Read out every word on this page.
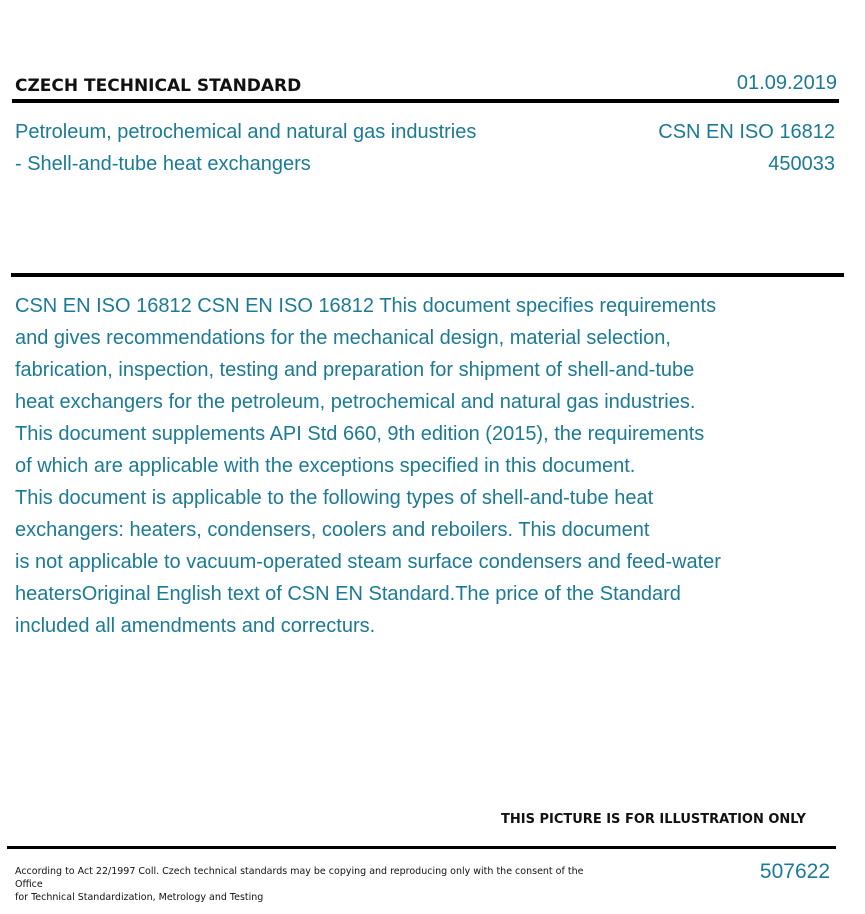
CZECH TECHNICAL STANDARD	01.09.2019
Petroleum, petrochemical and natural gas industries
- Shell-and-tube heat exchangers
CSN EN ISO 16812
450033
CSN EN ISO 16812 CSN EN ISO 16812 This document specifies requirements
and gives recommendations for the mechanical design, material selection,
fabrication, inspection, testing and preparation for shipment of shell-and-tube
heat exchangers for the petroleum, petrochemical and natural gas industries.
This document supplements API Std 660, 9th edition (2015), the requirements
of which are applicable with the exceptions specified in this document.
This document is applicable to the following types of shell-and-tube heat
exchangers: heaters, condensers, coolers and reboilers. This document
is not applicable to vacuum-operated steam surface condensers and feed-water
heatersOriginal English text of CSN EN Standard.The price of the Standard
included all amendments and correcturs.
THIS PICTURE IS FOR ILLUSTRATION ONLY
According to Act 22/1997 Coll. Czech technical standards may be copying and reproducing only with the consent of the Office
for Technical Standardization, Metrology and Testing
507622
